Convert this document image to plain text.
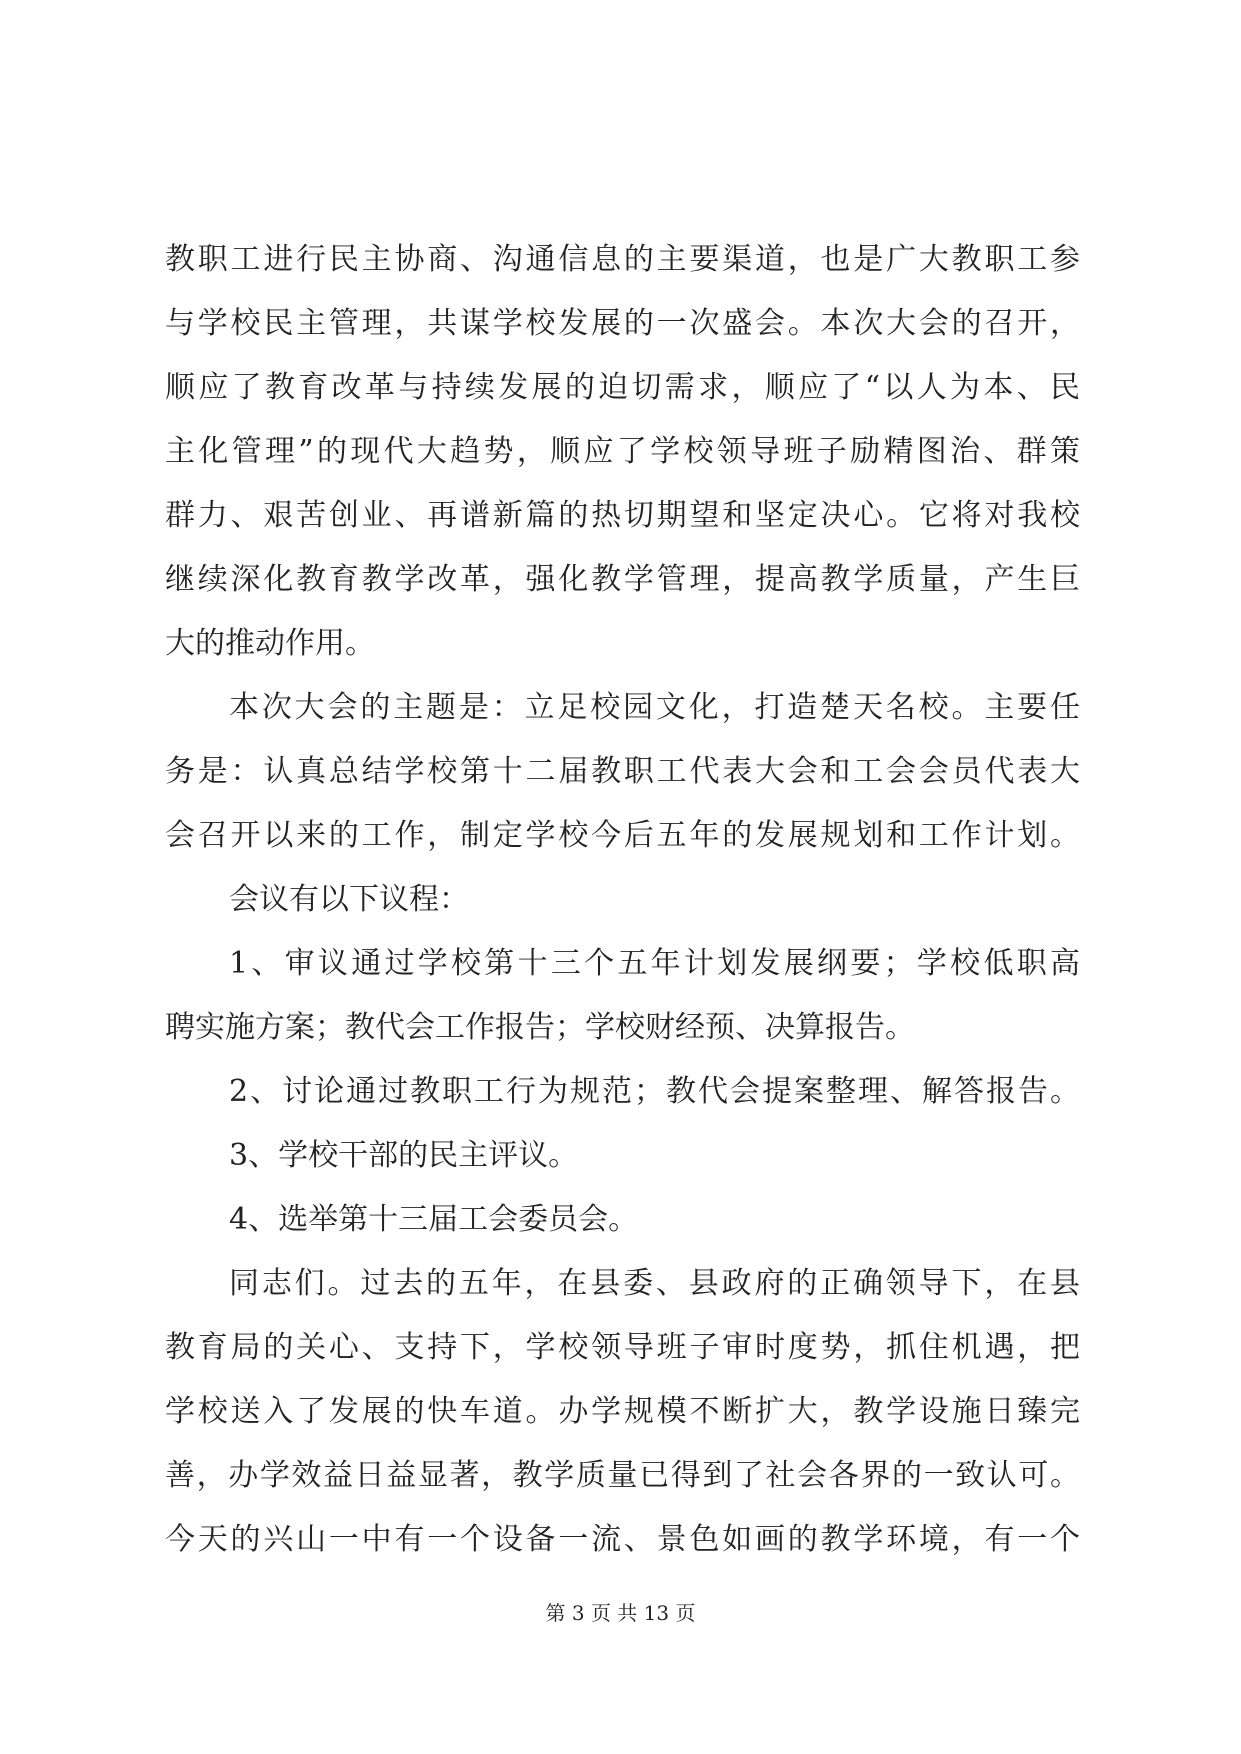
教职工进行民主协商、沟通信息的主要渠道，也是广大教职工参
与学校民主管理，共谋学校发展的一次盛会。本次大会的召开，
顺应了教育改革与持续发展的迫切需求，顺应了“以人为本、民
主化管理”的现代大趋势，顺应了学校领导班子励精图治、群策
群力、艰苦创业、再谱新篇的热切期望和坚定决心。它将对我校
继续深化教育教学改革，强化教学管理，提高教学质量，产生巨
大的推动作用。
本次大会的主题是：立足校园文化，打造楚天名校。主要任
务是：认真总结学校第十二届教职工代表大会和工会会员代表大
会召开以来的工作，制定学校今后五年的发展规划和工作计划。
会议有以下议程：
1、审议通过学校第十三个五年计划发展纲要；学校低职高
聘实施方案；教代会工作报告；学校财经预、决算报告。
2、讨论通过教职工行为规范；教代会提案整理、解答报告。
3、学校干部的民主评议。
4、选举第十三届工会委员会。
同志们。过去的五年，在县委、县政府的正确领导下，在县
教育局的关心、支持下，学校领导班子审时度势，抓住机遇，把
学校送入了发展的快车道。办学规模不断扩大，教学设施日臻完
善，办学效益日益显著，教学质量已得到了社会各界的一致认可。
今天的兴山一中有一个设备一流、景色如画的教学环境，有一个
第 3 页 共 13 页
